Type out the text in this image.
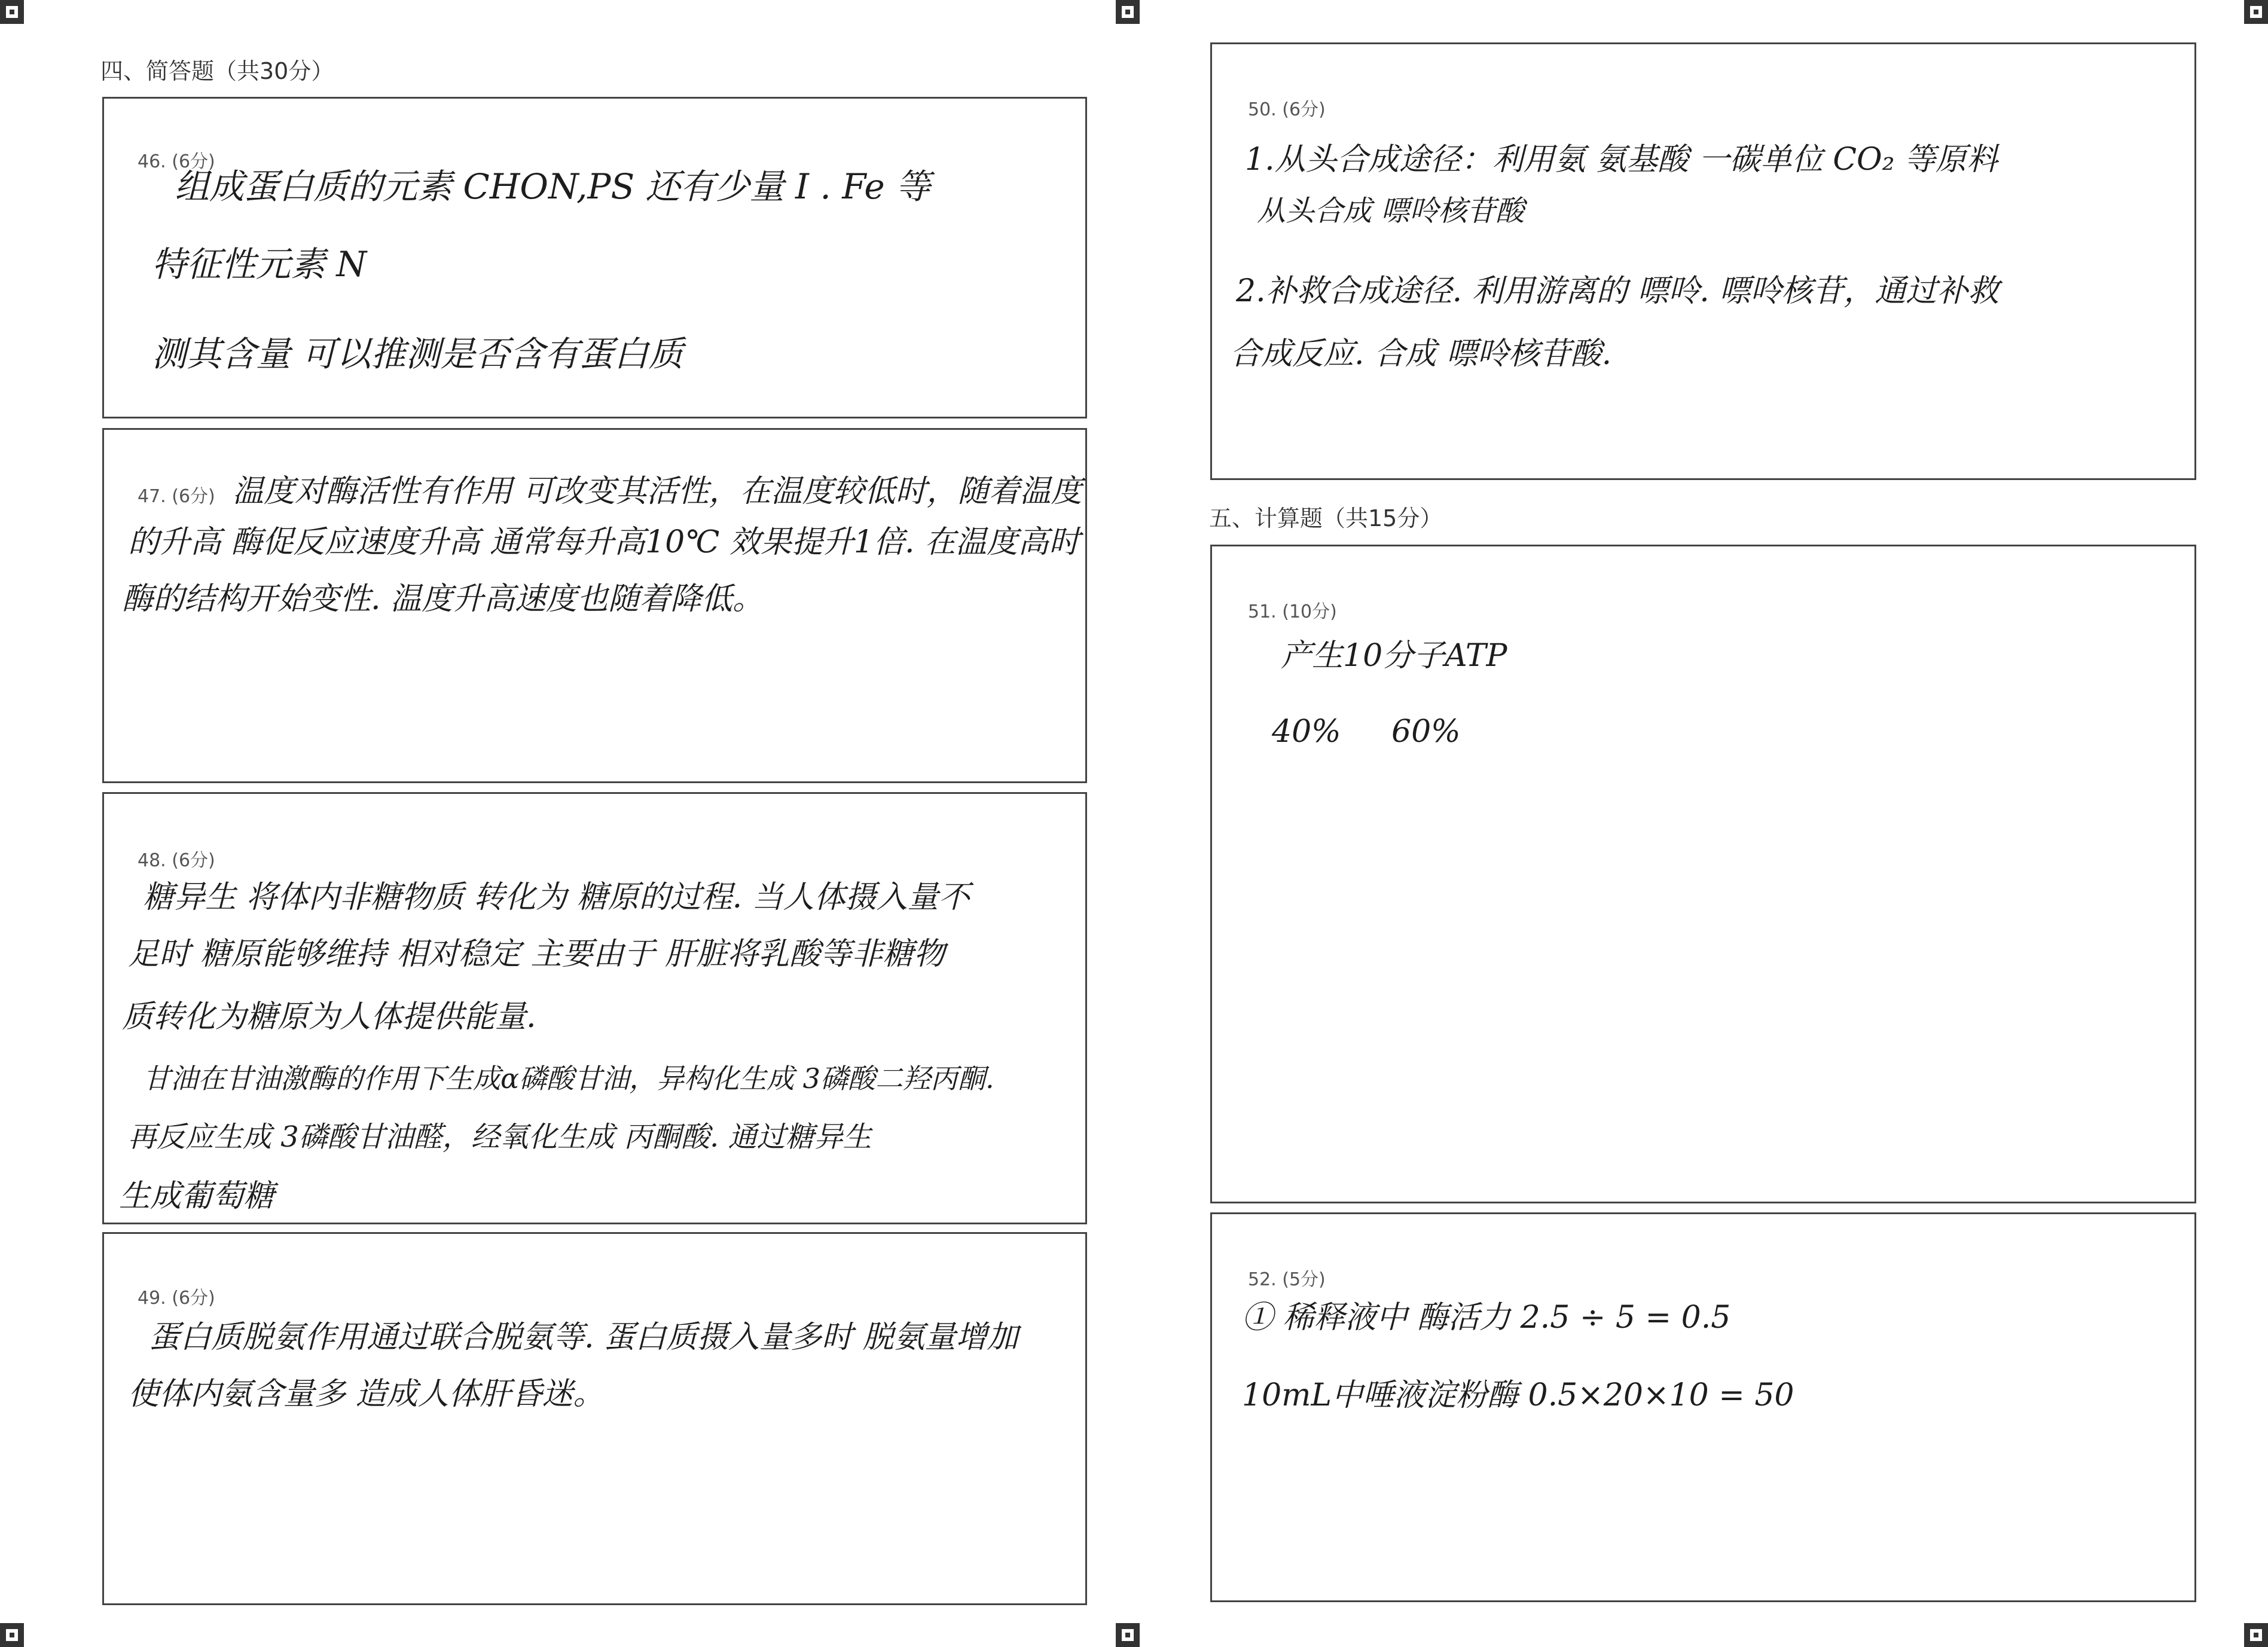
四、简答题（共30分）
46. (6分)
组成蛋白质的元素 CHON,PS 还有少量 I . Fe 等
特征性元素 N
测其含量 可以推测是否含有蛋白质
47. (6分) 温度对酶活性有作用 可改变其活性，在温度较低时，随着温度
的升高 酶促反应速度升高 通常每升高10℃ 效果提升1倍. 在温度高时
酶的结构开始变性. 温度升高速度也随着降低。
48. (6分)
糖异生 将体内非糖物质 转化为 糖原的过程. 当人体摄入量不
足时 糖原能够维持 相对稳定 主要由于 肝脏将乳酸等非糖物
质转化为糖原为人体提供能量.
甘油在甘油激酶的作用下生成α磷酸甘油，异构化生成 3磷酸二羟丙酮.
再反应生成 3磷酸甘油醛，经氧化生成 丙酮酸. 通过糖异生
生成葡萄糖
49. (6分)
蛋白质脱氨作用通过联合脱氨等. 蛋白质摄入量多时 脱氨量增加
使体内氨含量多 造成人体肝昏迷。
50. (6分)
1.从头合成途径：利用氨 氨基酸 一碳单位 CO₂ 等原料
从头合成 嘌呤核苷酸
2.补救合成途径. 利用游离的 嘌呤. 嘌呤核苷，通过补救
合成反应. 合成 嘌呤核苷酸.
五、计算题（共15分）
51. (10分)
产生10分子ATP
40% 60%
52. (5分)
① 稀释液中 酶活力 2.5 ÷ 5 = 0.5
10mL中唾液淀粉酶 0.5×20×10 = 50
